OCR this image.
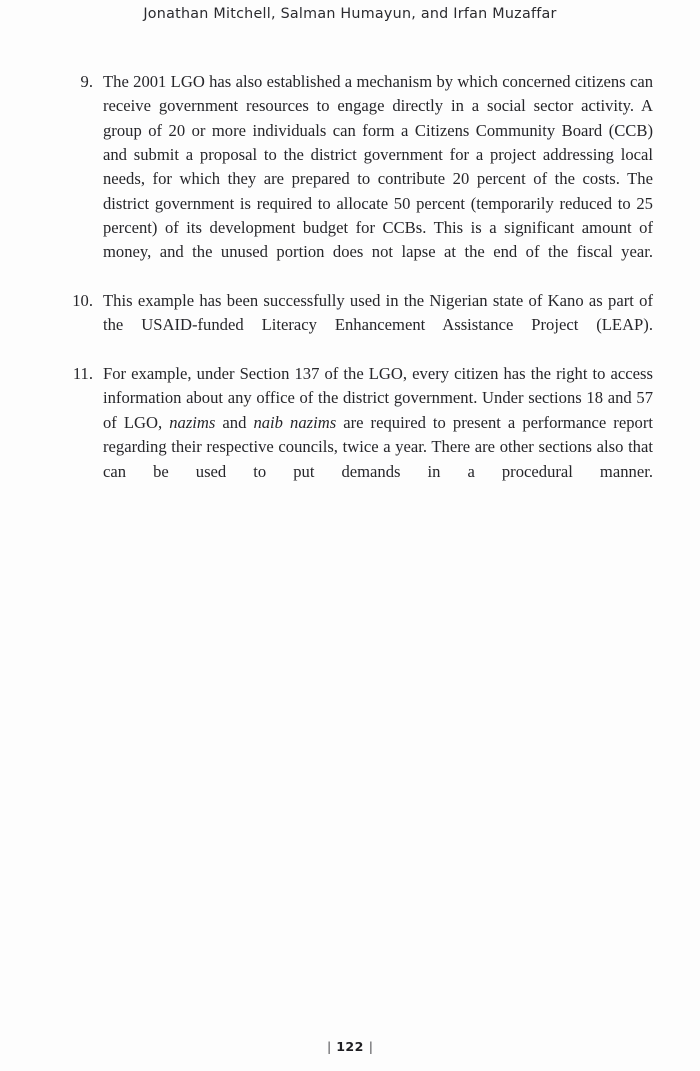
Jonathan Mitchell, Salman Humayun, and Irfan Muzaffar
9. The 2001 LGO has also established a mechanism by which concerned citizens can receive government resources to engage directly in a social sector activity. A group of 20 or more individuals can form a Citizens Community Board (CCB) and submit a proposal to the district government for a project addressing local needs, for which they are prepared to contribute 20 percent of the costs. The district government is required to allocate 50 percent (temporarily reduced to 25 percent) of its development budget for CCBs. This is a significant amount of money, and the unused portion does not lapse at the end of the fiscal year.
10. This example has been successfully used in the Nigerian state of Kano as part of the USAID-funded Literacy Enhancement Assistance Project (LEAP).
11. For example, under Section 137 of the LGO, every citizen has the right to access information about any office of the district government. Under sections 18 and 57 of LGO, nazims and naib nazims are required to present a performance report regarding their respective councils, twice a year. There are other sections also that can be used to put demands in a procedural manner.
| 122 |
